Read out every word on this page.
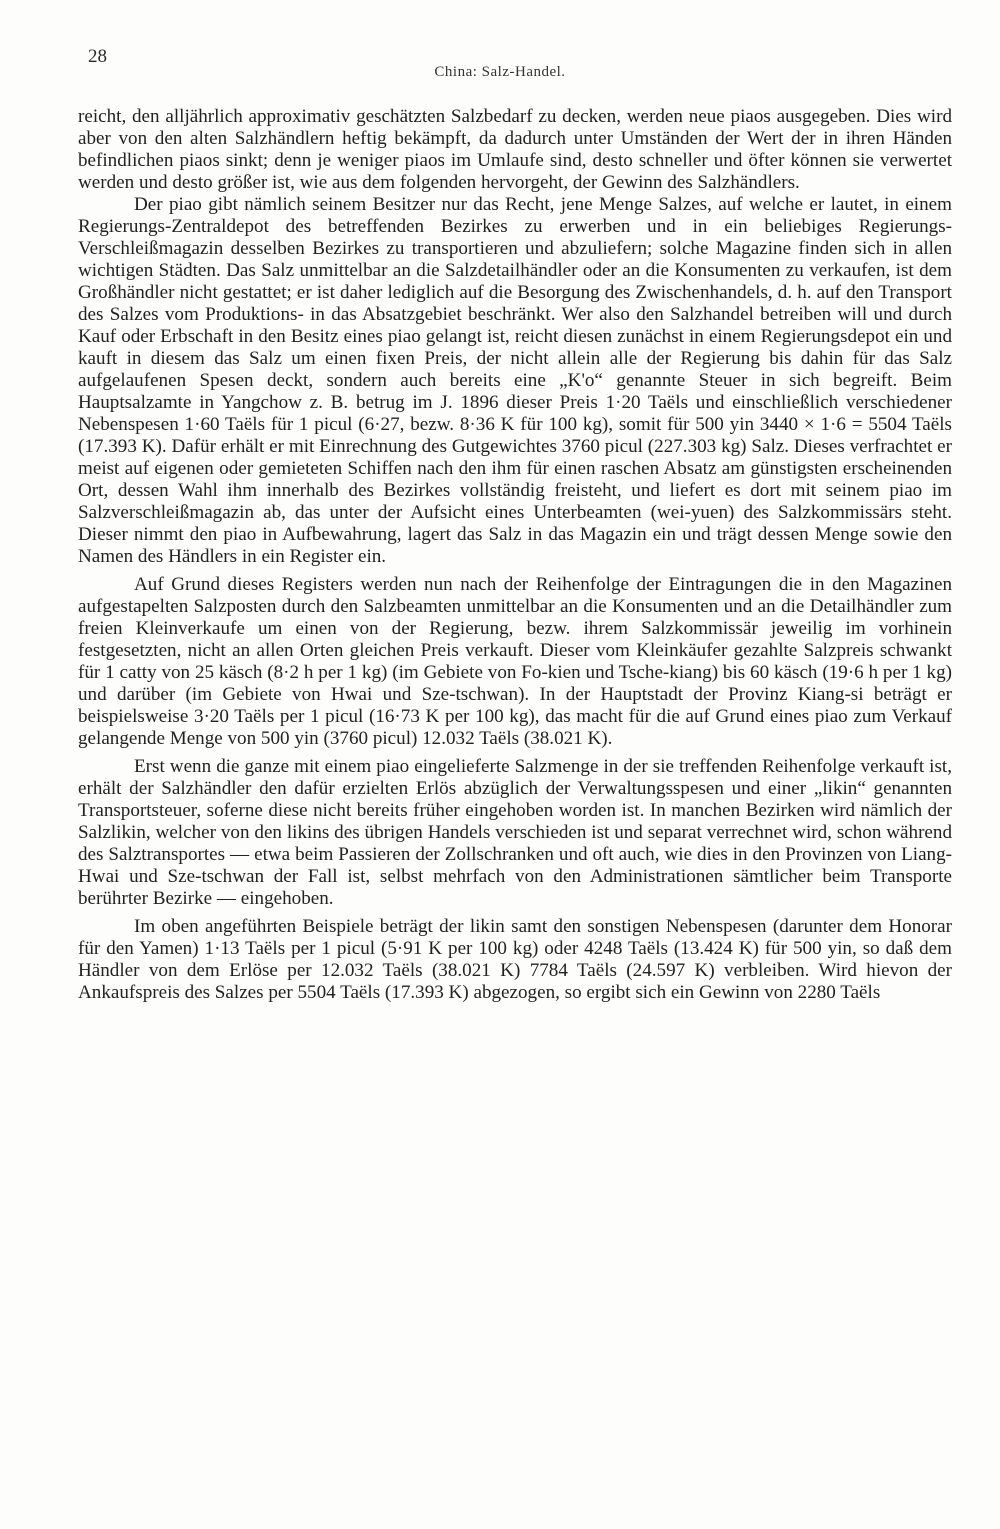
28
China: Salz-Handel.

reicht, den alljährlich approximativ geschätzten Salzbedarf zu decken, werden neue piaos ausgegeben. Dies wird aber von den alten Salzhändlern heftig bekämpft, da dadurch unter Umständen der Wert der in ihren Händen befindlichen piaos sinkt; denn je weniger piaos im Umlaufe sind, desto schneller und öfter können sie verwertet werden und desto größer ist, wie aus dem folgenden hervorgeht, der Gewinn des Salzhändlers.

Der piao gibt nämlich seinem Besitzer nur das Recht, jene Menge Salzes, auf welche er lautet, in einem Regierungs-Zentraldepot des betreffenden Bezirkes zu erwerben und in ein beliebiges Regierungs-Verschleißmagazin desselben Bezirkes zu transportieren und abzuliefern; solche Magazine finden sich in allen wichtigen Städten. Das Salz unmittelbar an die Salzdetailhändler oder an die Konsumenten zu verkaufen, ist dem Großhändler nicht gestattet; er ist daher lediglich auf die Besorgung des Zwischenhandels, d. h. auf den Transport des Salzes vom Produktions- in das Absatzgebiet beschränkt. Wer also den Salzhandel betreiben will und durch Kauf oder Erbschaft in den Besitz eines piao gelangt ist, reicht diesen zunächst in einem Regierungsdepot ein und kauft in diesem das Salz um einen fixen Preis, der nicht allein alle der Regierung bis dahin für das Salz aufgelaufenen Spesen deckt, sondern auch bereits eine „K'o“ genannte Steuer in sich begreift. Beim Hauptsalzamte in Yangchow z. B. betrug im J. 1896 dieser Preis 1·20 Taëls und einschließlich verschiedener Nebenspesen 1·60 Taëls für 1 picul (6·27, bezw. 8·36 K für 100 kg), somit für 500 yin 3440 × 1·6 = 5504 Taëls (17.393 K). Dafür erhält er mit Einrechnung des Gutgewichtes 3760 picul (227.303 kg) Salz. Dieses verfrachtet er meist auf eigenen oder gemieteten Schiffen nach den ihm für einen raschen Absatz am günstigsten erscheinenden Ort, dessen Wahl ihm innerhalb des Bezirkes vollständig freisteht, und liefert es dort mit seinem piao im Salzverschleißmagazin ab, das unter der Aufsicht eines Unterbeamten (wei-yuen) des Salzkommissärs steht. Dieser nimmt den piao in Aufbewahrung, lagert das Salz in das Magazin ein und trägt dessen Menge sowie den Namen des Händlers in ein Register ein.

Auf Grund dieses Registers werden nun nach der Reihenfolge der Eintragungen die in den Magazinen aufgestapelten Salzposten durch den Salzbeamten unmittelbar an die Konsumenten und an die Detailhändler zum freien Kleinverkaufe um einen von der Regierung, bezw. ihrem Salzkommissär jeweilig im vorhinein festgesetzten, nicht an allen Orten gleichen Preis verkauft. Dieser vom Kleinkäufer gezahlte Salzpreis schwankt für 1 catty von 25 käsch (8·2 h per 1 kg) (im Gebiete von Fo-kien und Tsche-kiang) bis 60 käsch (19·6 h per 1 kg) und darüber (im Gebiete von Hwai und Sze-tschwan). In der Hauptstadt der Provinz Kiang-si beträgt er beispielsweise 3·20 Taëls per 1 picul (16·73 K per 100 kg), das macht für die auf Grund eines piao zum Verkauf gelangende Menge von 500 yin (3760 picul) 12.032 Taëls (38.021 K).

Erst wenn die ganze mit einem piao eingelieferte Salzmenge in der sie treffenden Reihenfolge verkauft ist, erhält der Salzhändler den dafür erzielten Erlös abzüglich der Verwaltungsspesen und einer „likin“ genannten Transportsteuer, soferne diese nicht bereits früher eingehoben worden ist. In manchen Bezirken wird nämlich der Salzlikin, welcher von den likins des übrigen Handels verschieden ist und separat verrechnet wird, schon während des Salztransportes — etwa beim Passieren der Zollschranken und oft auch, wie dies in den Provinzen von Liang-Hwai und Sze-tschwan der Fall ist, selbst mehrfach von den Administrationen sämtlicher beim Transporte berührter Bezirke — eingehoben.

Im oben angeführten Beispiele beträgt der likin samt den sonstigen Nebenspesen (darunter dem Honorar für den Yamen) 1·13 Taëls per 1 picul (5·91 K per 100 kg) oder 4248 Taëls (13.424 K) für 500 yin, so daß dem Händler von dem Erlöse per 12.032 Taëls (38.021 K) 7784 Taëls (24.597 K) verbleiben. Wird hievon der Ankaufspreis des Salzes per 5504 Taëls (17.393 K) abgezogen, so ergibt sich ein Gewinn von 2280 Taëls
